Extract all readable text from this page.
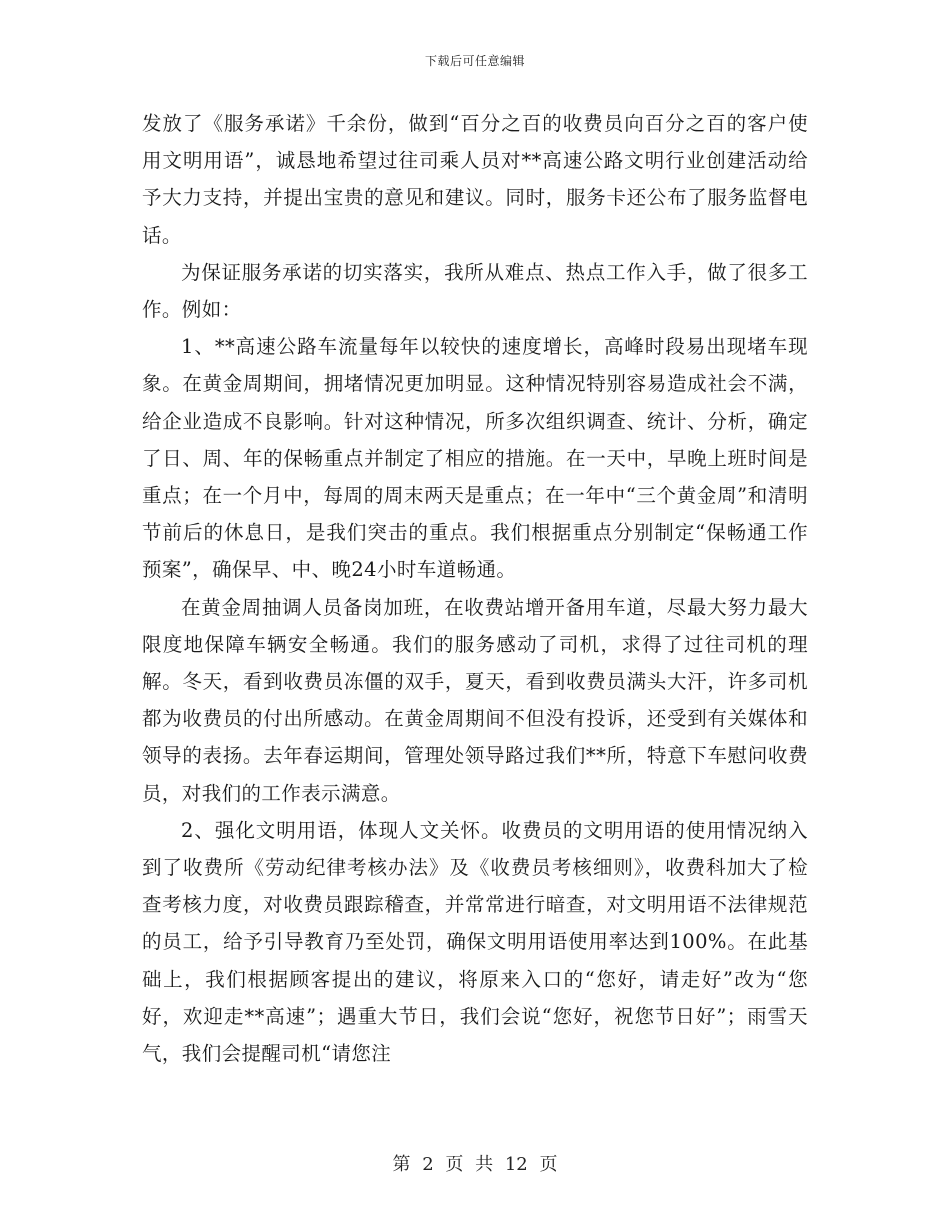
下载后可任意编辑

发放了《服务承诺》千余份，做到“百分之百的收费员向百分之百的客户使用文明用语”，诚恳地希望过往司乘人员对**高速公路文明行业创建活动给予大力支持，并提出宝贵的意见和建议。同时，服务卡还公布了服务监督电话。

为保证服务承诺的切实落实，我所从难点、热点工作入手，做了很多工作。例如：

1、**高速公路车流量每年以较快的速度增长，高峰时段易出现堵车现象。在黄金周期间，拥堵情况更加明显。这种情况特别容易造成社会不满，给企业造成不良影响。针对这种情况，所多次组织调查、统计、分析，确定了日、周、年的保畅重点并制定了相应的措施。在一天中，早晚上班时间是重点；在一个月中，每周的周末两天是重点；在一年中“三个黄金周”和清明节前后的休息日，是我们突击的重点。我们根据重点分别制定“保畅通工作预案”，确保早、中、晚24小时车道畅通。

在黄金周抽调人员备岗加班，在收费站增开备用车道，尽最大努力最大限度地保障车辆安全畅通。我们的服务感动了司机，求得了过往司机的理解。冬天，看到收费员冻僵的双手，夏天，看到收费员满头大汗，许多司机都为收费员的付出所感动。在黄金周期间不但没有投诉，还受到有关媒体和领导的表扬。去年春运期间，管理处领导路过我们**所，特意下车慰问收费员，对我们的工作表示满意。

2、强化文明用语，体现人文关怀。收费员的文明用语的使用情况纳入到了收费所《劳动纪律考核办法》及《收费员考核细则》，收费科加大了检查考核力度，对收费员跟踪稽查，并常常进行暗查，对文明用语不法律规范的员工，给予引导教育乃至处罚，确保文明用语使用率达到100%。在此基础上，我们根据顾客提出的建议，将原来入口的“您好，请走好”改为“您好，欢迎走**高速”；遇重大节日，我们会说“您好，祝您节日好”；雨雪天气，我们会提醒司机“请您注

第 2 页 共 12 页
